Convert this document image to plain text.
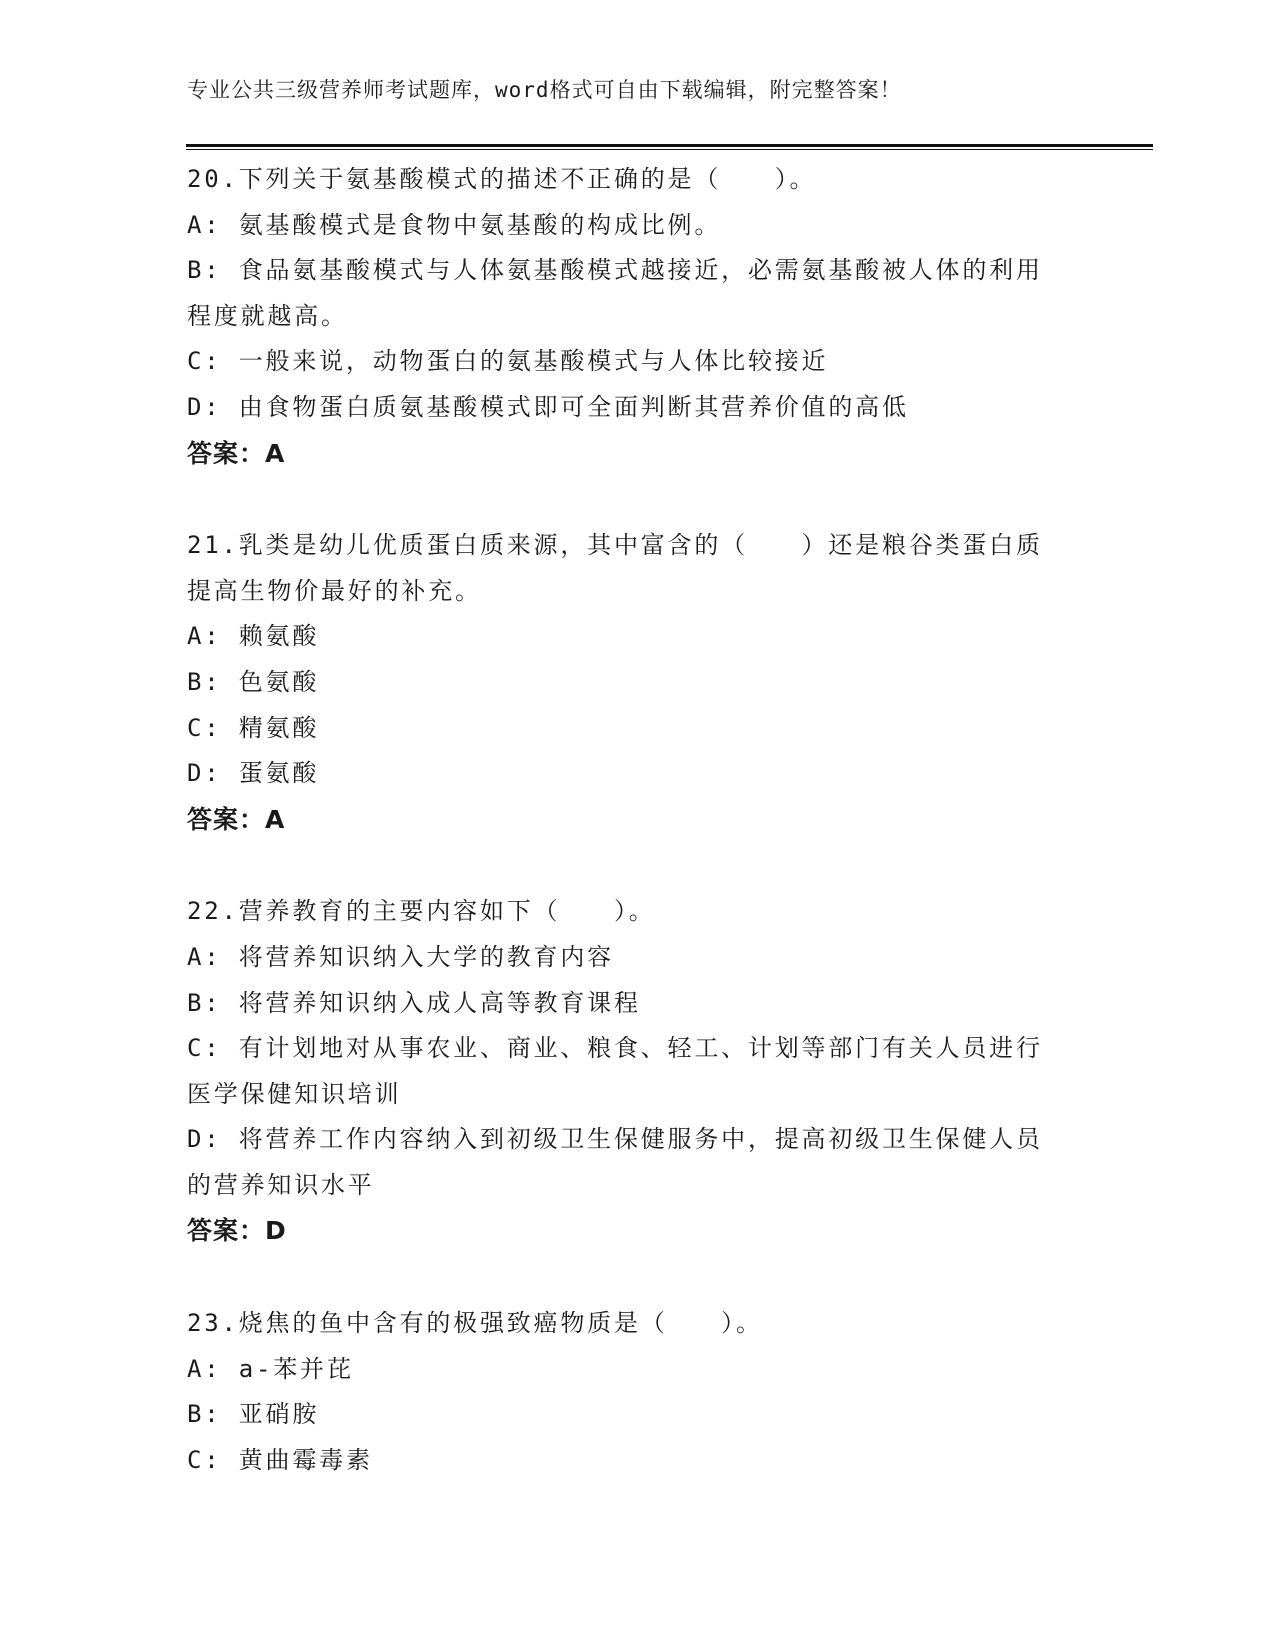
专业公共三级营养师考试题库，word格式可自由下载编辑，附完整答案！
20.下列关于氨基酸模式的描述不正确的是（　　）。
A: 氨基酸模式是食物中氨基酸的构成比例。
B: 食品氨基酸模式与人体氨基酸模式越接近，必需氨基酸被人体的利用程度就越高。
C: 一般来说，动物蛋白的氨基酸模式与人体比较接近
D: 由食物蛋白质氨基酸模式即可全面判断其营养价值的高低
答案：A
21.乳类是幼儿优质蛋白质来源，其中富含的（　　）还是粮谷类蛋白质提高生物价最好的补充。
A: 赖氨酸
B: 色氨酸
C: 精氨酸
D: 蛋氨酸
答案：A
22.营养教育的主要内容如下（　　）。
A: 将营养知识纳入大学的教育内容
B: 将营养知识纳入成人高等教育课程
C: 有计划地对从事农业、商业、粮食、轻工、计划等部门有关人员进行医学保健知识培训
D: 将营养工作内容纳入到初级卫生保健服务中，提高初级卫生保健人员的营养知识水平
答案：D
23.烧焦的鱼中含有的极强致癌物质是（　　）。
A: a-苯并芘
B: 亚硝胺
C: 黄曲霉毒素
